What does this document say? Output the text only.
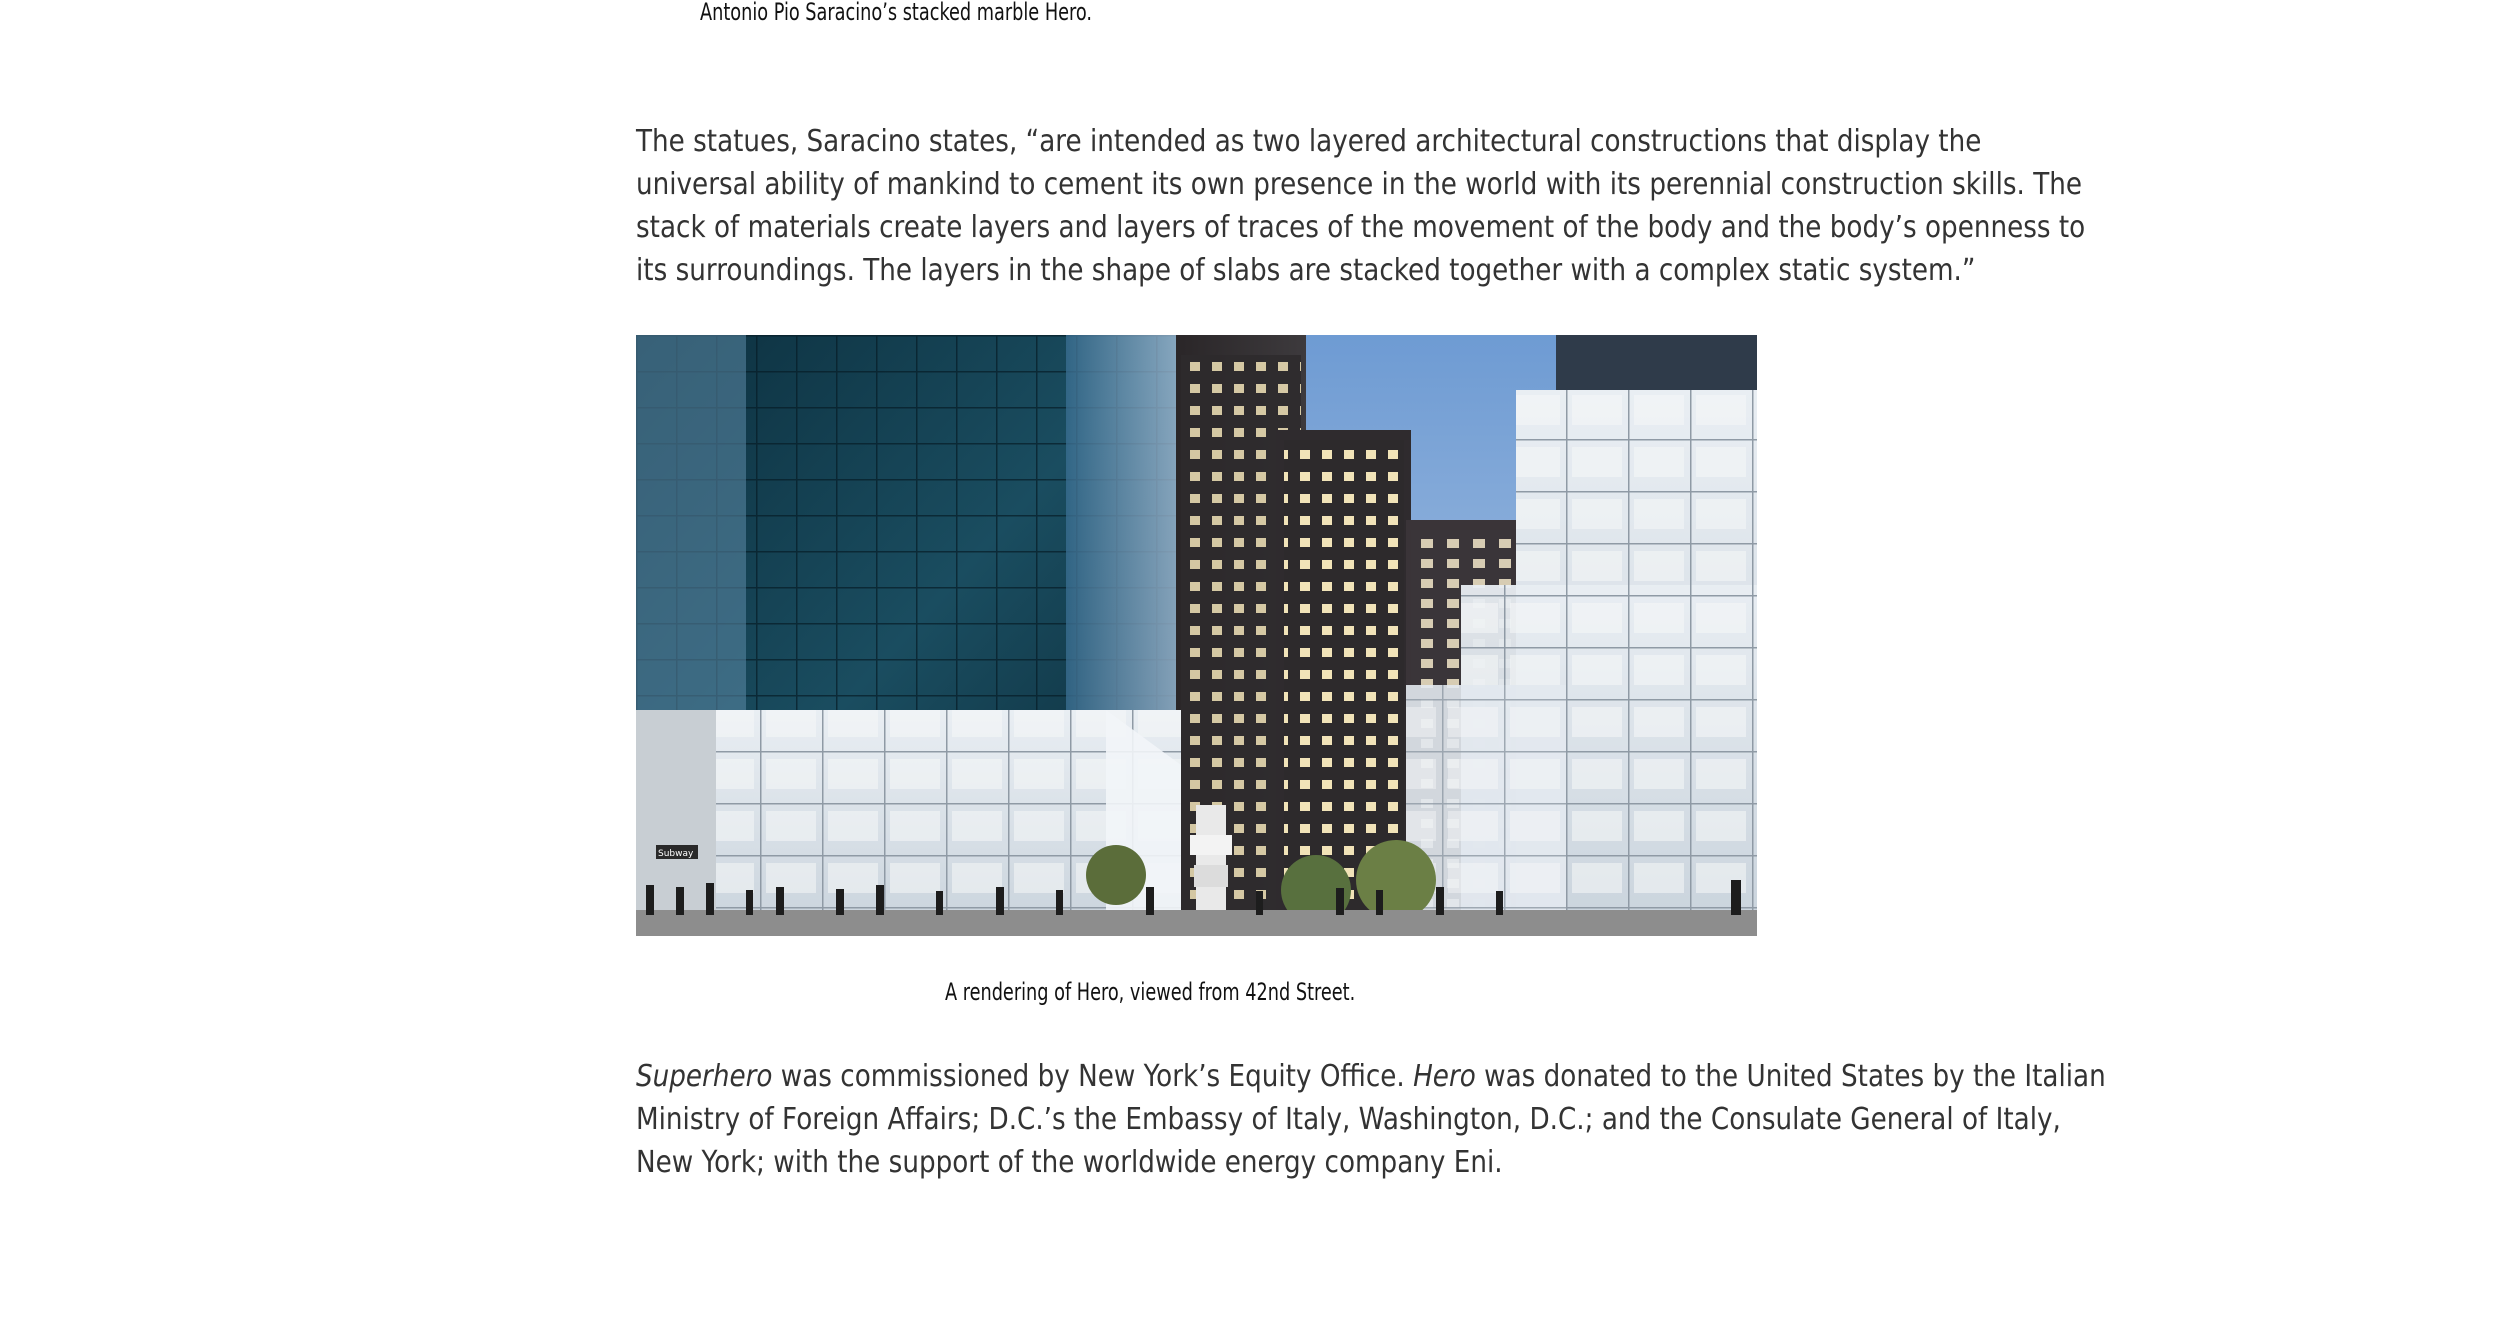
Antonio Pio Saracino’s stacked marble Hero.

The statues, Saracino states, “are intended as two layered architectural constructions that display the universal ability of mankind to cement its own presence in the world with its perennial construction skills. The stack of materials create layers and layers of traces of the movement of the body and the body’s openness to its surroundings. The layers in the shape of slabs are stacked together with a complex static system.”

Subway
A rendering of Hero, viewed from 42nd Street.

Superhero was commissioned by New York’s Equity Office. Hero was donated to the United States by the Italian Ministry of Foreign Affairs; D.C.’s the Embassy of Italy, Washington, D.C.; and the Consulate General of Italy, New York; with the support of the worldwide energy company Eni.
